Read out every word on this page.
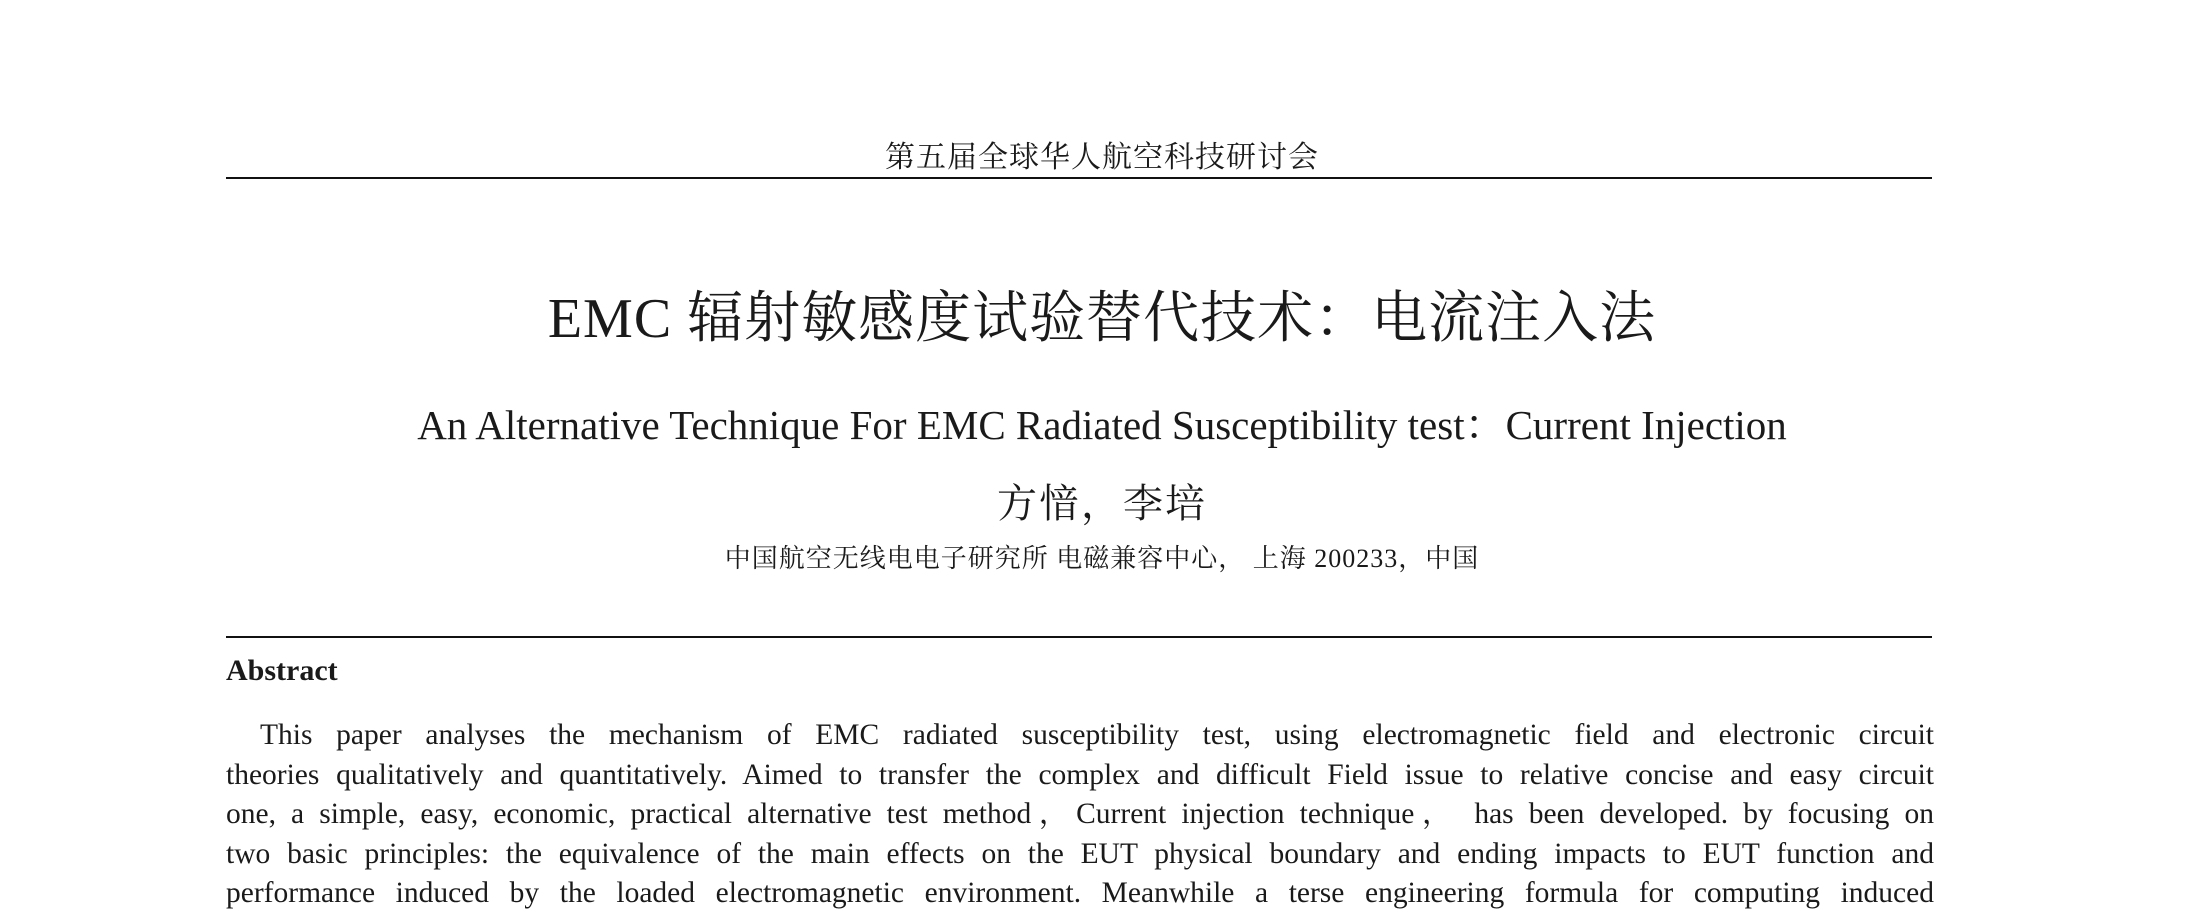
第五届全球华人航空科技研讨会
EMC 辐射敏感度试验替代技术：电流注入法
An Alternative Technique For EMC Radiated Susceptibility test：Current Injection
方愔，李培
中国航空无线电电子研究所 电磁兼容中心， 上海 200233，中国
Abstract
This paper analyses the mechanism of EMC radiated susceptibility test, using electromagnetic field and electronic circuit
theories qualitatively and quantitatively. Aimed to transfer the complex and difficult Field issue to relative concise and easy circuit
one, a simple, easy, economic, practical alternative test method，Current injection technique， has been developed. by focusing on
two basic principles: the equivalence of the main effects on the EUT physical boundary and ending impacts to EUT function and
performance induced by the loaded electromagnetic environment. Meanwhile a terse engineering formula for computing induced
